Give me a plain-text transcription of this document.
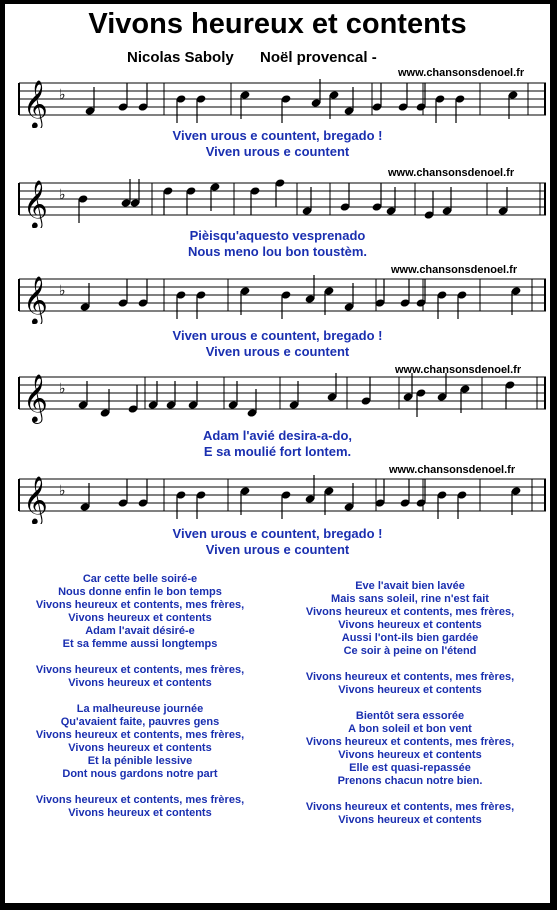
Vivons heureux et contents
Nicolas Saboly Noël provencal -
www.chansonsdenoel.fr
𝄞 ♭
Viven urous e countent, bregado !
Viven urous e countent
www.chansonsdenoel.fr
𝄞 ♭
Pièisqu'aquesto vesprenado
Nous meno lou bon toustèm.
www.chansonsdenoel.fr
𝄞 ♭
Viven urous e countent, bregado !
Viven urous e countent
www.chansonsdenoel.fr
𝄞 ♭
Adam l'avié desira-a-do,
E sa moulié fort lontem.
www.chansonsdenoel.fr
𝄞 ♭
Viven urous e countent, bregado !
Viven urous e countent
Car cette belle soiré-e
Nous donne enfin le bon temps
Vivons heureux et contents, mes frères,
Vivons heureux et contents
Adam l'avait désiré-e
Et sa femme aussi longtemps
Vivons heureux et contents, mes frères,
Vivons heureux et contents
La malheureuse journée
Qu'avaient faite, pauvres gens
Vivons heureux et contents, mes frères,
Vivons heureux et contents
Et la pénible lessive
Dont nous gardons notre part
Vivons heureux et contents, mes frères,
Vivons heureux et contents
Eve l'avait bien lavée
Mais sans soleil, rine n'est fait
Vivons heureux et contents, mes frères,
Vivons heureux et contents
Aussi l'ont-ils bien gardée
Ce soir à peine on l'étend
Vivons heureux et contents, mes frères,
Vivons heureux et contents
Bientôt sera essorée
A bon soleil et bon vent
Vivons heureux et contents, mes frères,
Vivons heureux et contents
Elle est quasi-repassée
Prenons chacun notre bien.
Vivons heureux et contents, mes frères,
Vivons heureux et contents
